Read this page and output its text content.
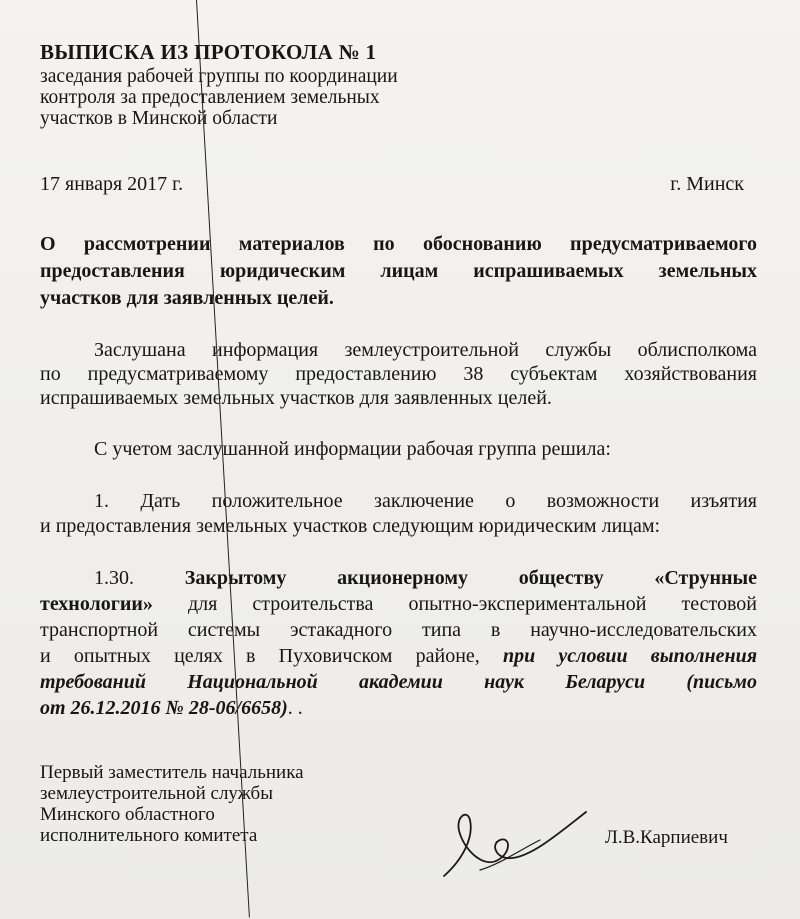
ВЫПИСКА ИЗ ПРОТОКОЛА № 1
заседания рабочей группы по координации
контроля за предоставлением земельных
участков в Минской области
17 января 2017 г.	г. Минск
О рассмотрении материалов по обоснованию предусматриваемого
предоставления юридическим лицам испрашиваемых земельных
участков для заявленных целей.
Заслушана информация землеустроительной службы облисполкома
по предусматриваемому предоставлению 38 субъектам хозяйствования
испрашиваемых земельных участков для заявленных целей.
С учетом заслушанной информации рабочая группа решила:
1. Дать положительное заключение о возможности изъятия
и предоставления земельных участков следующим юридическим лицам:
1.30.	Закрытому акционерному обществу «Струнные
технологии» для строительства опытно-экспериментальной тестовой
транспортной системы эстакадного типа в научно-исследовательских
и опытных целях в Пуховичском районе, при условии выполнения
требований Национальной академии наук Беларуси (письмо
от 26.12.2016 № 28-06/6658). .
Первый заместитель начальника
землеустроительной службы
Минского областного
исполнительного комитета	Л.В.Карпиевич
